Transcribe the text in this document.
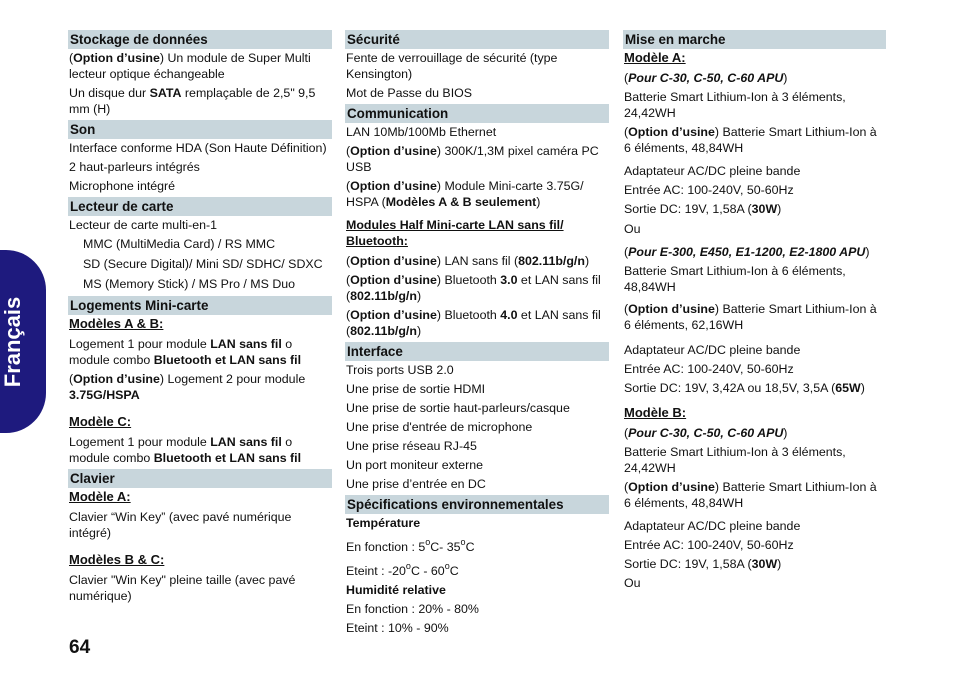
Français
64
Stockage de données
(Option d’usine) Un module de Super Multi lecteur optique échangeable
Un disque dur SATA remplaçable de 2,5" 9,5 mm (H)
Son
Interface conforme HDA (Son Haute Définition)
2 haut-parleurs intégrés
Microphone intégré
Lecteur de carte
Lecteur de carte multi-en-1
MMC (MultiMedia Card) / RS MMC
SD (Secure Digital)/ Mini SD/ SDHC/ SDXC
MS (Memory Stick) / MS Pro / MS Duo
Logements Mini-carte
Modèles A & B:
Logement 1 pour module LAN sans fil o module combo Bluetooth et LAN sans fil
(Option d’usine) Logement 2 pour module 3.75G/HSPA
Modèle C:
Logement 1 pour module LAN sans fil o module combo Bluetooth et LAN sans fil
Clavier
Modèle A:
Clavier “Win Key” (avec pavé numérique intégré)
Modèles B & C:
Clavier "Win Key" pleine taille (avec pavé numérique)
Sécurité
Fente de verrouillage de sécurité (type Kensington)
Mot de Passe du BIOS
Communication
LAN 10Mb/100Mb Ethernet
(Option d’usine) 300K/1,3M pixel caméra PC USB
(Option d’usine) Module Mini-carte 3.75G/ HSPA (Modèles A & B seulement)
Modules Half Mini-carte LAN sans fil/ Bluetooth:
(Option d’usine) LAN sans fil (802.11b/g/n)
(Option d’usine) Bluetooth 3.0 et LAN sans fil (802.11b/g/n)
(Option d’usine) Bluetooth 4.0 et LAN sans fil (802.11b/g/n)
Interface
Trois ports USB 2.0
Une prise de sortie HDMI
Une prise de sortie haut-parleurs/casque
Une prise d'entrée de microphone
Une prise réseau RJ-45
Un port moniteur externe
Une prise d’entrée en DC
Spécifications environnementales
Température
En fonction : 5$^o$C- 35$^o$C
Eteint : -20$^o$C - 60$^o$C
Humidité relative
En fonction : 20% - 80%
Eteint : 10% - 90%
Mise en marche
Modèle A:
(Pour C-30, C-50, C-60 APU)
Batterie Smart Lithium-Ion à 3 éléments, 24,42WH
(Option d’usine) Batterie Smart Lithium-Ion à 6 éléments, 48,84WH
Adaptateur AC/DC pleine bande
Entrée AC: 100-240V, 50-60Hz
Sortie DC: 19V, 1,58A (30W)
Ou
(Pour E-300, E450, E1-1200, E2-1800 APU)
Batterie Smart Lithium-Ion à 6 éléments, 48,84WH
(Option d’usine) Batterie Smart Lithium-Ion à 6 éléments, 62,16WH
Adaptateur AC/DC pleine bande
Entrée AC: 100-240V, 50-60Hz
Sortie DC: 19V, 3,42A ou 18,5V, 3,5A (65W)
Modèle B:
(Pour C-30, C-50, C-60 APU)
Batterie Smart Lithium-Ion à 3 éléments, 24,42WH
(Option d’usine) Batterie Smart Lithium-Ion à 6 éléments, 48,84WH
Adaptateur AC/DC pleine bande
Entrée AC: 100-240V, 50-60Hz
Sortie DC: 19V, 1,58A (30W)
Ou
